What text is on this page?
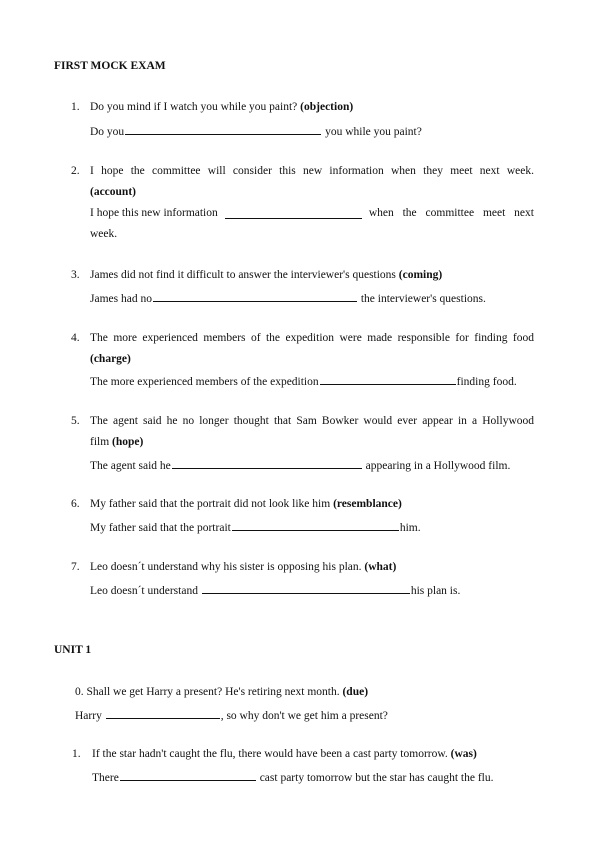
FIRST MOCK EXAM
1. Do you mind if I watch you while you paint? (objection)
Do you	you while you paint?
2. I hope the committee will consider this new information when they meet next week.
(account)
I hope this new information	when the committee meet next
week.
3. James did not find it difficult to answer the interviewer's questions (coming)
James had no	the interviewer's questions.
4. The more experienced members of the expedition were made responsible for finding food
(charge)
The more experienced members of the expedition	finding food.
5. The agent said he no longer thought that Sam Bowker would ever appear in a Hollywood
film (hope)
The agent said he	appearing in a Hollywood film.
6. My father said that the portrait did not look like him (resemblance)
My father said that the portrait	him.
7. Leo doesn´t understand why his sister is opposing his plan. (what)
Leo doesn´t understand	his plan is.
UNIT 1
0. Shall we get Harry a present? He's retiring next month. (due)
Harry	, so why don't we get him a present?
1. If the star hadn't caught the flu, there would have been a cast party tomorrow. (was)
There	cast party tomorrow but the star has caught the flu.
